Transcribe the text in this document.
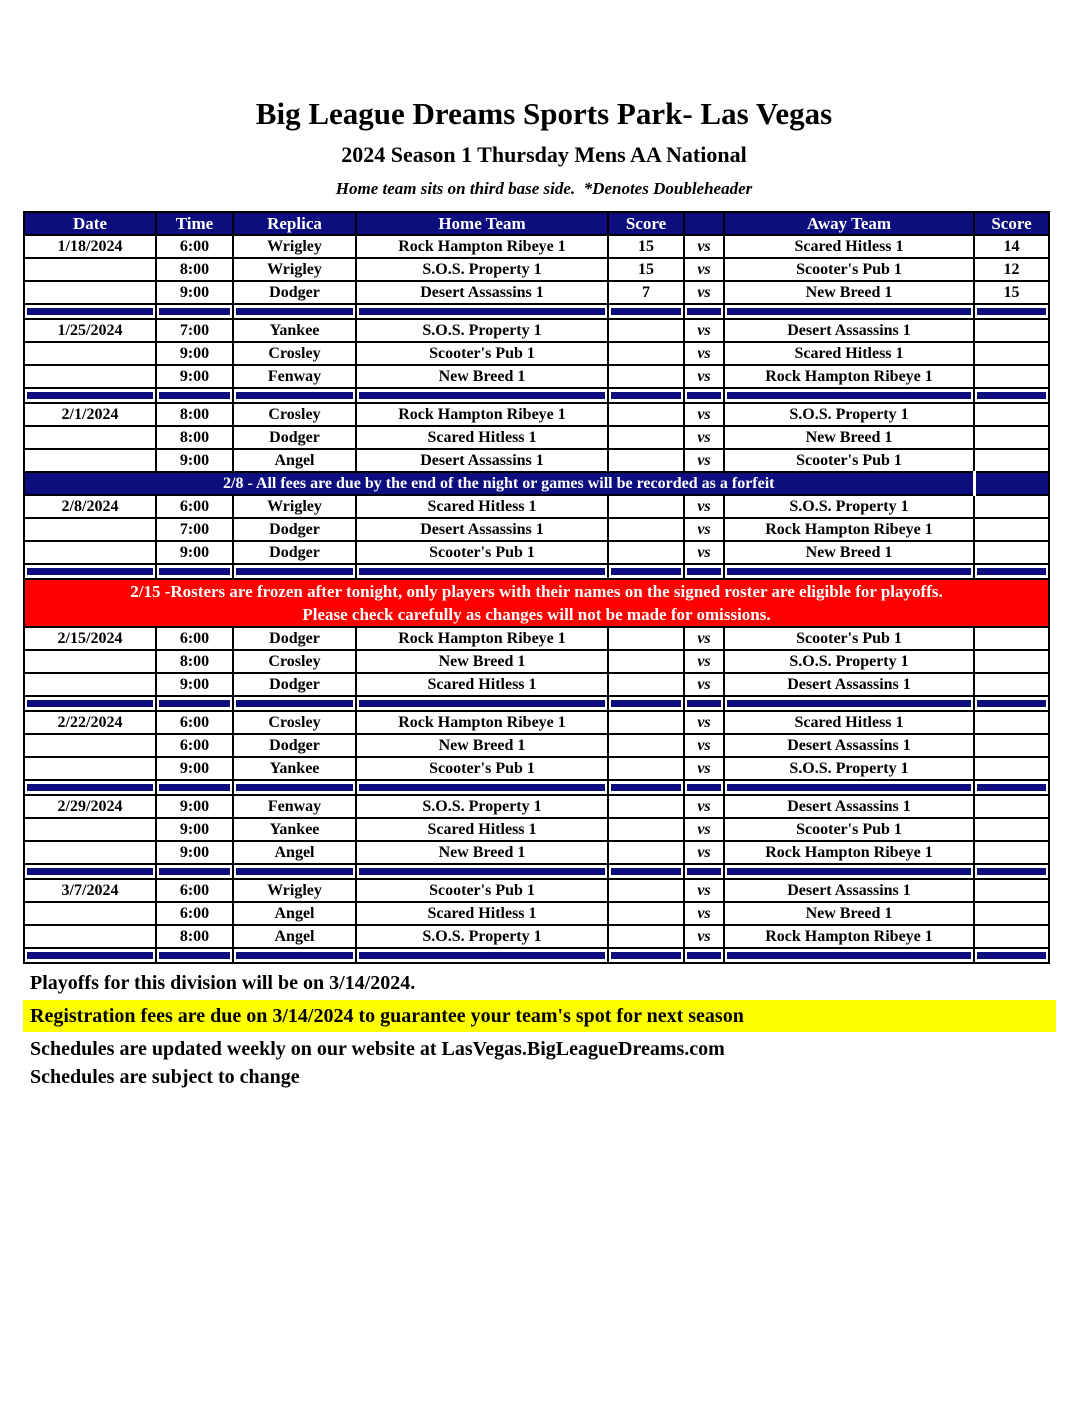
Big League Dreams Sports Park- Las Vegas
2024 Season 1 Thursday Mens AA National
Home team sits on third base side.  *Denotes Doubleheader
Date	Time	Replica	Home Team	Score		Away Team	Score
1/18/2024	6:00	Wrigley	Rock Hampton Ribeye 1	15	vs	Scared Hitless 1	14
	8:00	Wrigley	S.O.S. Property 1	15	vs	Scooter's Pub 1	12
	9:00	Dodger	Desert Assassins 1	7	vs	New Breed 1	15

1/25/2024	7:00	Yankee	S.O.S. Property 1		vs	Desert Assassins 1	
	9:00	Crosley	Scooter's Pub 1		vs	Scared Hitless 1	
	9:00	Fenway	New Breed 1		vs	Rock Hampton Ribeye 1	

2/1/2024	8:00	Crosley	Rock Hampton Ribeye 1		vs	S.O.S. Property 1	
	8:00	Dodger	Scared Hitless 1		vs	New Breed 1	
	9:00	Angel	Desert Assassins 1		vs	Scooter's Pub 1	
2/8 - All fees are due by the end of the night or games will be recorded as a forfeit							
2/8/2024	6:00	Wrigley	Scared Hitless 1		vs	S.O.S. Property 1	
	7:00	Dodger	Desert Assassins 1		vs	Rock Hampton Ribeye 1	
	9:00	Dodger	Scooter's Pub 1		vs	New Breed 1	

2/15 -Rosters are frozen after tonight, only players with their names on the signed roster are eligible for playoffs.
Please check carefully as changes will not be made for omissions.							

2/15/2024	6:00	Dodger	Rock Hampton Ribeye 1		vs	Scooter's Pub 1	
	8:00	Crosley	New Breed 1		vs	S.O.S. Property 1	
	9:00	Dodger	Scared Hitless 1		vs	Desert Assassins 1	

2/22/2024	6:00	Crosley	Rock Hampton Ribeye 1		vs	Scared Hitless 1	
	6:00	Dodger	New Breed 1		vs	Desert Assassins 1	
	9:00	Yankee	Scooter's Pub 1		vs	S.O.S. Property 1	

2/29/2024	9:00	Fenway	S.O.S. Property 1		vs	Desert Assassins 1	
	9:00	Yankee	Scared Hitless 1		vs	Scooter's Pub 1	
	9:00	Angel	New Breed 1		vs	Rock Hampton Ribeye 1	

3/7/2024	6:00	Wrigley	Scooter's Pub 1		vs	Desert Assassins 1	
	6:00	Angel	Scared Hitless 1		vs	New Breed 1	
	8:00	Angel	S.O.S. Property 1		vs	Rock Hampton Ribeye 1	

Playoffs for this division will be on 3/14/2024.
Registration fees are due on 3/14/2024 to guarantee your team's spot for next season
Schedules are updated weekly on our website at LasVegas.BigLeagueDreams.com
Schedules are subject to change
